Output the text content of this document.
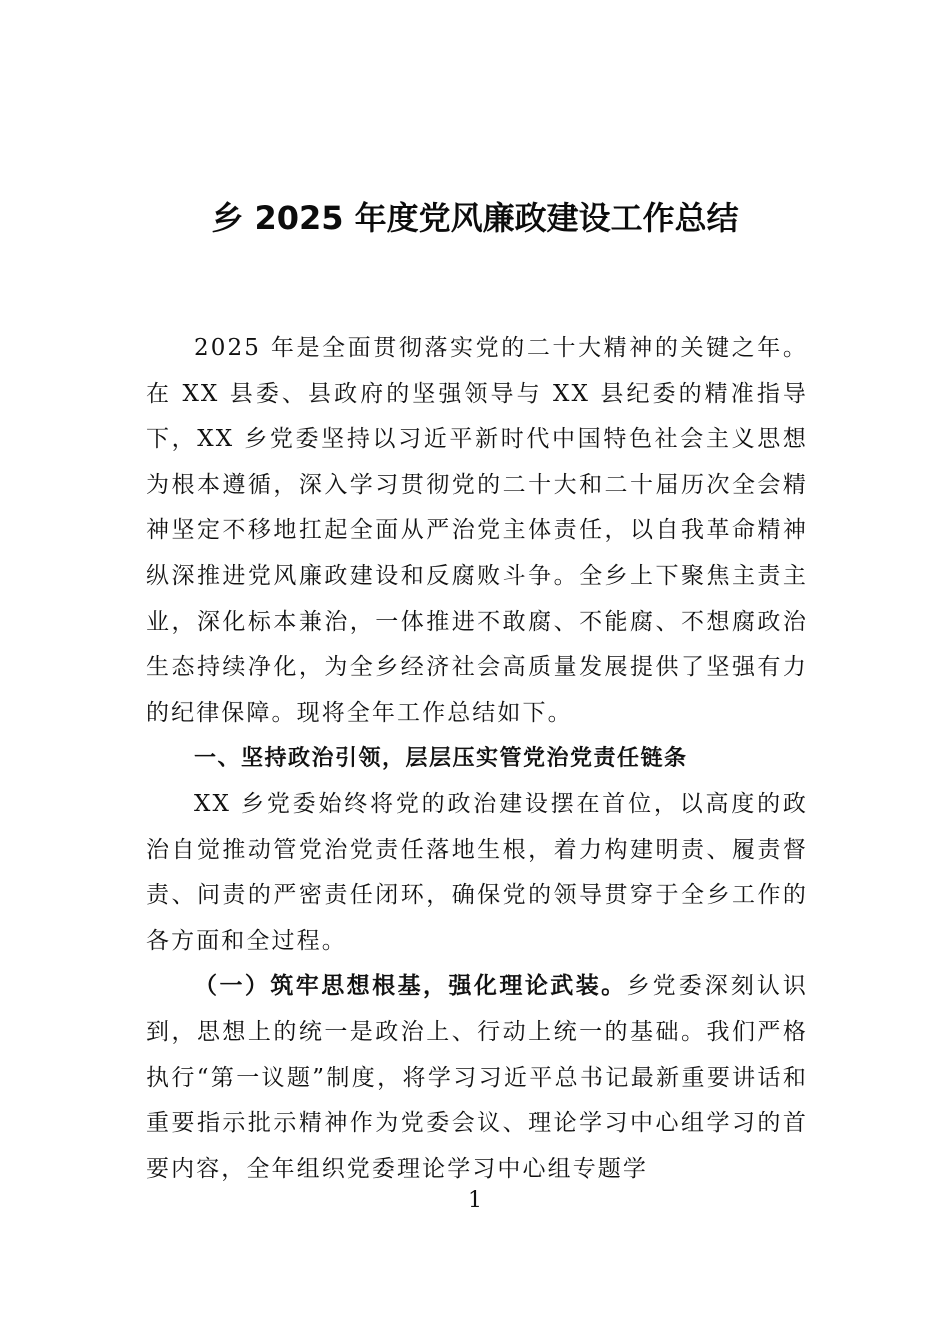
乡 2025 年度党风廉政建设工作总结

2025 年是全面贯彻落实党的二十大精神的关键之年。在 XX 县委、县政府的坚强领导与 XX 县纪委的精准指导下，XX 乡党委坚持以习近平新时代中国特色社会主义思想为根本遵循，深入学习贯彻党的二十大和二十届历次全会精神坚定不移地扛起全面从严治党主体责任，以自我革命精神纵深推进党风廉政建设和反腐败斗争。全乡上下聚焦主责主业，深化标本兼治，一体推进不敢腐、不能腐、不想腐政治生态持续净化，为全乡经济社会高质量发展提供了坚强有力的纪律保障。现将全年工作总结如下。

一、坚持政治引领，层层压实管党治党责任链条

XX 乡党委始终将党的政治建设摆在首位，以高度的政治自觉推动管党治党责任落地生根，着力构建明责、履责督责、问责的严密责任闭环，确保党的领导贯穿于全乡工作的各方面和全过程。

（一）筑牢思想根基，强化理论武装。乡党委深刻认识到，思想上的统一是政治上、行动上统一的基础。我们严格执行“第一议题”制度，将学习习近平总书记最新重要讲话和重要指示批示精神作为党委会议、理论学习中心组学习的首要内容，全年组织党委理论学习中心组专题学

1
